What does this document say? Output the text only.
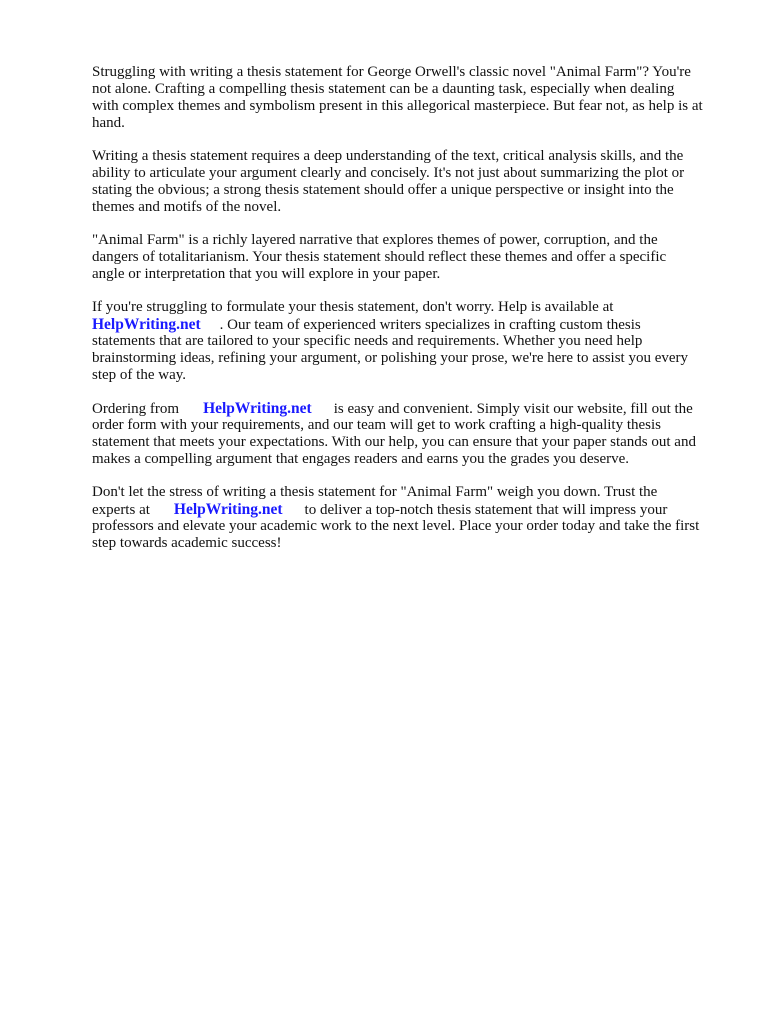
Struggling with writing a thesis statement for George Orwell's classic novel "Animal Farm"? You're
not alone. Crafting a compelling thesis statement can be a daunting task, especially when dealing
with complex themes and symbolism present in this allegorical masterpiece. But fear not, as help is at
hand.
Writing a thesis statement requires a deep understanding of the text, critical analysis skills, and the
ability to articulate your argument clearly and concisely. It's not just about summarizing the plot or
stating the obvious; a strong thesis statement should offer a unique perspective or insight into the
themes and motifs of the novel.
"Animal Farm" is a richly layered narrative that explores themes of power, corruption, and the
dangers of totalitarianism. Your thesis statement should reflect these themes and offer a specific
angle or interpretation that you will explore in your paper.
If you're struggling to formulate your thesis statement, don't worry. Help is available at
HelpWriting.net . Our team of experienced writers specializes in crafting custom thesis
statements that are tailored to your specific needs and requirements. Whether you need help
brainstorming ideas, refining your argument, or polishing your prose, we're here to assist you every
step of the way.
Ordering from HelpWriting.net is easy and convenient. Simply visit our website, fill out the
order form with your requirements, and our team will get to work crafting a high-quality thesis
statement that meets your expectations. With our help, you can ensure that your paper stands out and
makes a compelling argument that engages readers and earns you the grades you deserve.
Don't let the stress of writing a thesis statement for "Animal Farm" weigh you down. Trust the
experts at HelpWriting.net to deliver a top-notch thesis statement that will impress your
professors and elevate your academic work to the next level. Place your order today and take the first
step towards academic success!
